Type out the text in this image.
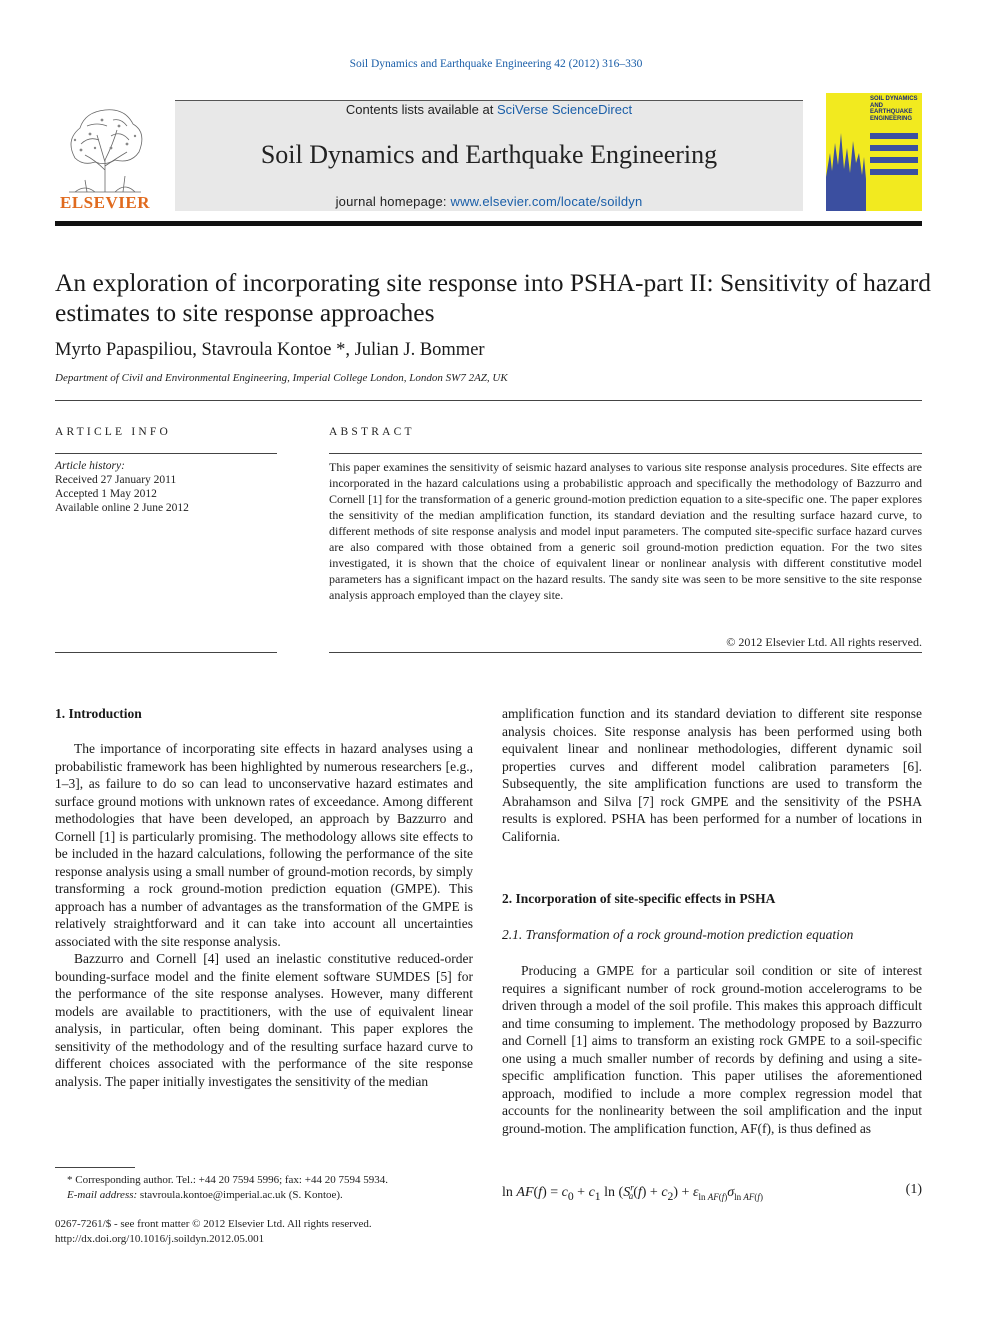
Soil Dynamics and Earthquake Engineering 42 (2012) 316–330
ELSEVIER
Contents lists available at SciVerse ScienceDirect
Soil Dynamics and Earthquake Engineering
journal homepage: www.elsevier.com/locate/soildyn
SOIL DYNAMICS AND EARTHQUAKE ENGINEERING
An exploration of incorporating site response into PSHA-part II: Sensitivity of hazard estimates to site response approaches
Myrto Papaspiliou, Stavroula Kontoe *, Julian J. Bommer
Department of Civil and Environmental Engineering, Imperial College London, London SW7 2AZ, UK
ARTICLE INFO
Article history:
Received 27 January 2011
Accepted 1 May 2012
Available online 2 June 2012
ABSTRACT
This paper examines the sensitivity of seismic hazard analyses to various site response analysis procedures. Site effects are incorporated in the hazard calculations using a probabilistic approach and specifically the methodology of Bazzurro and Cornell [1] for the transformation of a generic ground-motion prediction equation to a site-specific one. The paper explores the sensitivity of the median amplification function, its standard deviation and the resulting surface hazard curve, to different methods of site response analysis and model input parameters. The computed site-specific surface hazard curves are also compared with those obtained from a generic soil ground-motion prediction equation. For the two sites investigated, it is shown that the choice of equivalent linear or nonlinear analysis with different constitutive model parameters has a significant impact on the hazard results. The sandy site was seen to be more sensitive to the site response analysis approach employed than the clayey site.
© 2012 Elsevier Ltd. All rights reserved.
1. Introduction

The importance of incorporating site effects in hazard analyses using a probabilistic framework has been highlighted by numerous researchers [e.g., 1–3], as failure to do so can lead to unconservative hazard estimates and surface ground motions with unknown rates of exceedance. Among different methodologies that have been developed, an approach by Bazzurro and Cornell [1] is particularly promising. The methodology allows site effects to be included in the hazard calculations, following the performance of the site response analysis using a small number of ground-motion records, by simply transforming a rock ground-motion prediction equation (GMPE). This approach has a number of advantages as the transformation of the GMPE is relatively straightforward and it can take into account all uncertainties associated with the site response analysis.

Bazzurro and Cornell [4] used an inelastic constitutive reduced-order bounding-surface model and the finite element software SUMDES [5] for the performance of the site response analyses. However, many different models are available to practitioners, with the use of equivalent linear analysis, in particular, often being dominant. This paper explores the sensitivity of the methodology and of the resulting surface hazard curve to different choices associated with the performance of the site response analysis. The paper initially investigates the sensitivity of the median

amplification function and its standard deviation to different site response analysis choices. Site response analysis has been performed using both equivalent linear and nonlinear methodologies, different dynamic soil properties curves and different model calibration parameters [6]. Subsequently, the site amplification functions are used to transform the Abrahamson and Silva [7] rock GMPE and the sensitivity of the PSHA results is explored. PSHA has been performed for a number of locations in California.

2. Incorporation of site-specific effects in PSHA
2.1. Transformation of a rock ground-motion prediction equation

Producing a GMPE for a particular soil condition or site of interest requires a significant number of rock ground-motion accelerograms to be driven through a model of the soil profile. This makes this approach difficult and time consuming to implement. The methodology proposed by Bazzurro and Cornell [1] aims to transform an existing rock GMPE to a soil-specific one using a much smaller number of records by defining and using a site-specific amplification function. This paper utilises the aforementioned approach, modified to include a more complex regression model that accounts for the nonlinearity between the soil amplification and the input ground-motion. The amplification function, AF(f), is thus defined as

$\ln AF(f) = c_0 + c_1$ $\ln (S^r_a(f) + c_2) + \varepsilon_{ln AF(f)}\sigma_{ln AF(f)}$	(1)
* Corresponding author. Tel.: +44 20 7594 5996; fax: +44 20 7594 5934.
E-mail address: stavroula.kontoe@imperial.ac.uk (S. Kontoe).
0267-7261/$ - see front matter © 2012 Elsevier Ltd. All rights reserved.
http://dx.doi.org/10.1016/j.soildyn.2012.05.001
